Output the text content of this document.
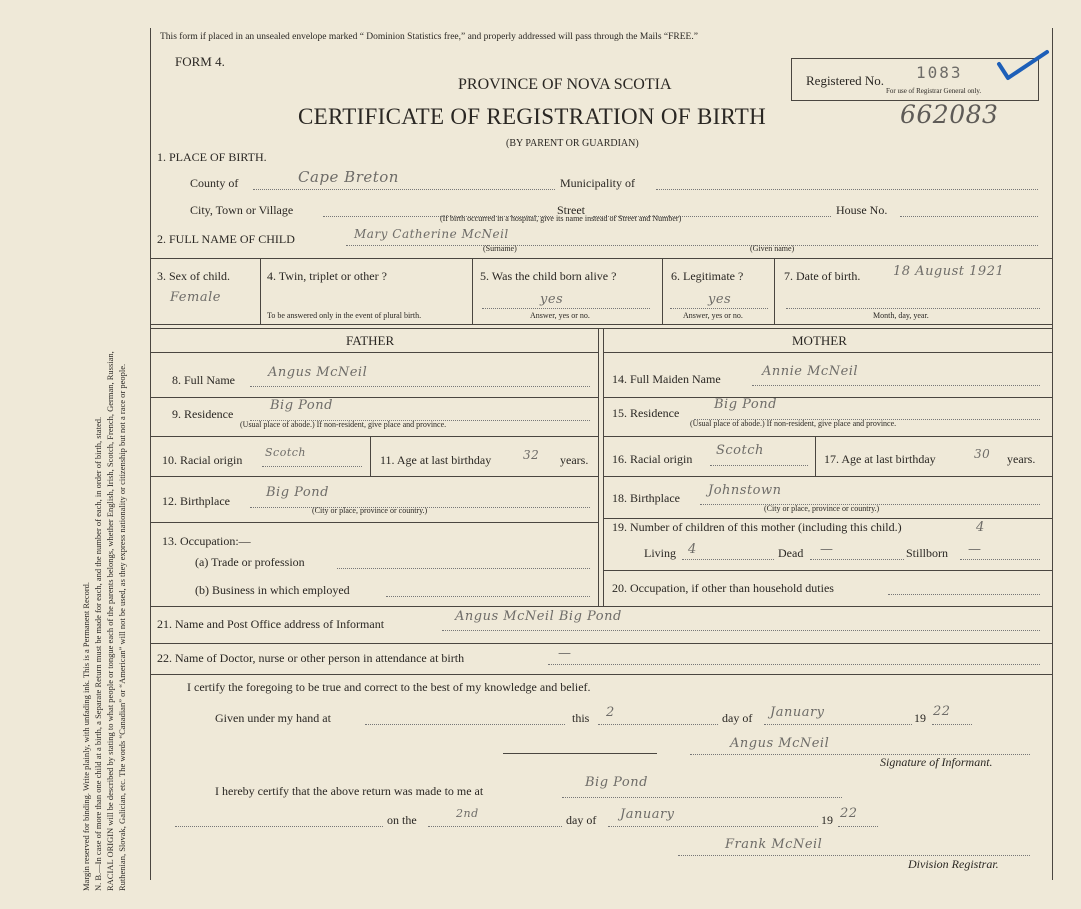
Margin reserved for binding. Write plainly, with unfading ink. This is a Permanent Record. N. B.—In case of more than one child at a birth, a Separate Return must be made for each, and the number of each, in order of birth, stated. RACIAL ORIGIN will be described by stating to what people or tongue each of the parents belongs, whether English, Irish, Scotch, French, German, Russian, Ruthenian, Slovak, Galician, etc. The words “Canadian” or “American” will not be used, as they express nationality or citizenship but not a race or people.
This form if placed in an unsealed envelope marked “ Dominion Statistics free,” and properly addressed will pass through the Mails “FREE.”
FORM 4.
PROVINCE OF NOVA SCOTIA
CERTIFICATE OF REGISTRATION OF BIRTH	662083
(BY PARENT OR GUARDIAN)
Registered No. 1083
For use of Registrar General only.
1. PLACE OF BIRTH.
County of	Cape Breton	Municipality of
City, Town or Village	Street	House No.
(If birth occurred in a hospital, give its name instead of Street and Number)
2. FULL NAME OF CHILD	Mary Catherine McNeil
(Surname)	(Given name)
3. Sex of child.
Female
4. Twin, triplet or other ?
To be answered only in the event of plural birth.
5. Was the child born alive ?
yes
Answer, yes or no.
6. Legitimate ?
yes
Answer, yes or no.
7. Date of birth.	18 August 1921
Month, day, year.
FATHER	MOTHER
8. Full Name	Angus McNeil
9. Residence
Big Pond
(Usual place of abode.) If non-resident, give place and province.
10. Racial origin
Scotch
11. Age at last birthday	32 years.
12. Birthplace
Big Pond
(City or place, province or country.)
13. Occupation:—
(a) Trade or profession
(b) Business in which employed
14. Full Maiden Name	Annie McNeil
15. Residence
Big Pond
(Usual place of abode.) If non-resident, give place and province.
16. Racial origin
Scotch
17. Age at last birthday	30 years.
18. Birthplace Johnstown
(City or place, province or country.)
19. Number of children of this mother (including this child.)	4
Living 4	Dead —	Stillborn —
20. Occupation, if other than household duties
21. Name and Post Office address of Informant	Angus McNeil Big Pond
22. Name of Doctor, nurse or other person in attendance at birth	—
I certify the foregoing to be true and correct to the best of my knowledge and belief.
Given under my hand at	this 2	day of January	19 22
Angus McNeil
Signature of Informant.
I hereby certify that the above return was made to me at
Big Pond
on the	2nd	day of January	19 22
Frank McNeil
Division Registrar.
